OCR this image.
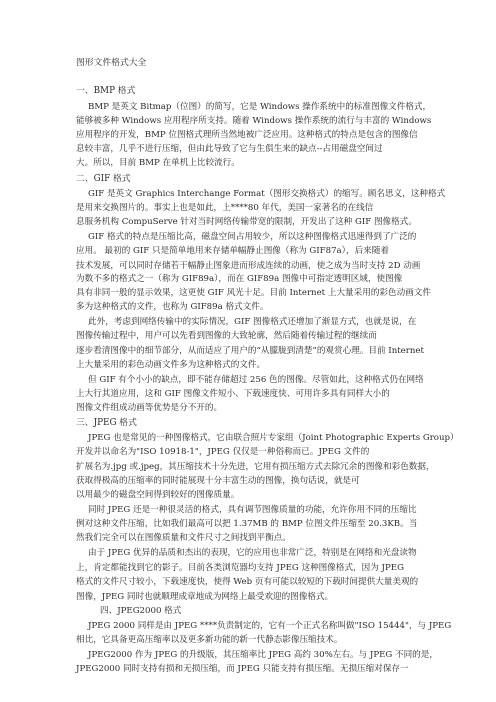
图形文件格式大全
一、BMP 格式
BMP 是英文 Bitmap（位图）的简写，它是 Windows 操作系统中的标准图像文件格式，
能够被多种 Windows 应用程序所支持。随着 Windows 操作系统的流行与丰富的 Windows
应用程序的开发，BMP 位图格式理所当然地被广泛应用。这种格式的特点是包含的图像信
息较丰富，几乎不进行压缩，但由此导致了它与生俱生来的缺点--占用磁盘空间过
大。所以，目前 BMP 在单机上比较流行。
二、GIF 格式
GIF 是英文 Graphics Interchange Format（图形交换格式）的缩写。顾名思义，这种格式
是用来交换图片的。事实上也是如此，上****80 年代，美国一家著名的在线信
息服务机构 CompuServe 针对当时网络传输带宽的限制，开发出了这种 GIF 图像格式。
GIF 格式的特点是压缩比高，磁盘空间占用较少，所以这种图像格式迅速得到了广泛的
应用。 最初的 GIF 只是简单地用来存储单幅静止图像（称为 GIF87a），后来随着
技术发展，可以同时存储若干幅静止图象进而形成连续的动画，使之成为当时支持 2D 动画
为数不多的格式之一（称为 GIF89a），而在 GIF89a 图像中可指定透明区域，使图像
具有非同一般的显示效果，这更使 GIF 风光十足。目前 Internet 上大量采用的彩色动画文件
多为这种格式的文件，也称为 GIF89a 格式文件。
此外，考虑到网络传输中的实际情况，GIF 图像格式还增加了渐显方式，也就是说，在
图像传输过程中，用户可以先看到图像的大致轮廓，然后随着传输过程的继续而
逐步看清图像中的细节部分，从而适应了用户的“从朦胧到清楚”的观赏心理。目前 Internet
上大量采用的彩色动画文件多为这种格式的文件。
但 GIF 有个小小的缺点，即不能存储超过 256 色的图像。尽管如此，这种格式仍在网络
上大行其道应用，这和 GIF 图像文件短小、下载速度快、可用许多具有同样大小的
图像文件组成动画等优势是分不开的。
三、JPEG 格式
JPEG 也是常见的一种图像格式，它由联合照片专家组（Joint Photographic Experts Group）
开发并以命名为"ISO 10918-1"，JPEG 仅仅是一种俗称而已。JPEG 文件的
扩展名为.jpg 或.jpeg，其压缩技术十分先进，它用有损压缩方式去除冗余的图像和彩色数据，
获取得极高的压缩率的同时能展现十分丰富生动的图像，换句话说，就是可
以用最少的磁盘空间得到较好的图像质量。
同时 JPEG 还是一种很灵活的格式，具有调节图像质量的功能，允许你用不同的压缩比
例对这种文件压缩，比如我们最高可以把 1.37MB 的 BMP 位图文件压缩至 20.3KB。当
然我们完全可以在图像质量和文件尺寸之间找到平衡点。
由于 JPEG 优异的品质和杰出的表现，它的应用也非常广泛，特别是在网络和光盘读物
上，肯定都能找到它的影子。目前各类浏览器均支持 JPEG 这种图像格式，因为 JPEG
格式的文件尺寸较小，下载速度快，使得 Web 页有可能以较短的下载时间提供大量美观的
图像，JPEG 同时也就顺理成章地成为网络上最受欢迎的图像格式。
四、JPEG2000 格式
JPEG 2000 同样是由 JPEG ****负责制定的，它有一个正式名称叫做"ISO 15444"，与 JPEG
相比，它具备更高压缩率以及更多新功能的新一代静态影像压缩技术。
JPEG2000 作为 JPEG 的升级版，其压缩率比 JPEG 高约 30%左右。与 JPEG 不同的是，
JPEG2000 同时支持有损和无损压缩，而 JPEG 只能支持有损压缩。无损压缩对保存一
